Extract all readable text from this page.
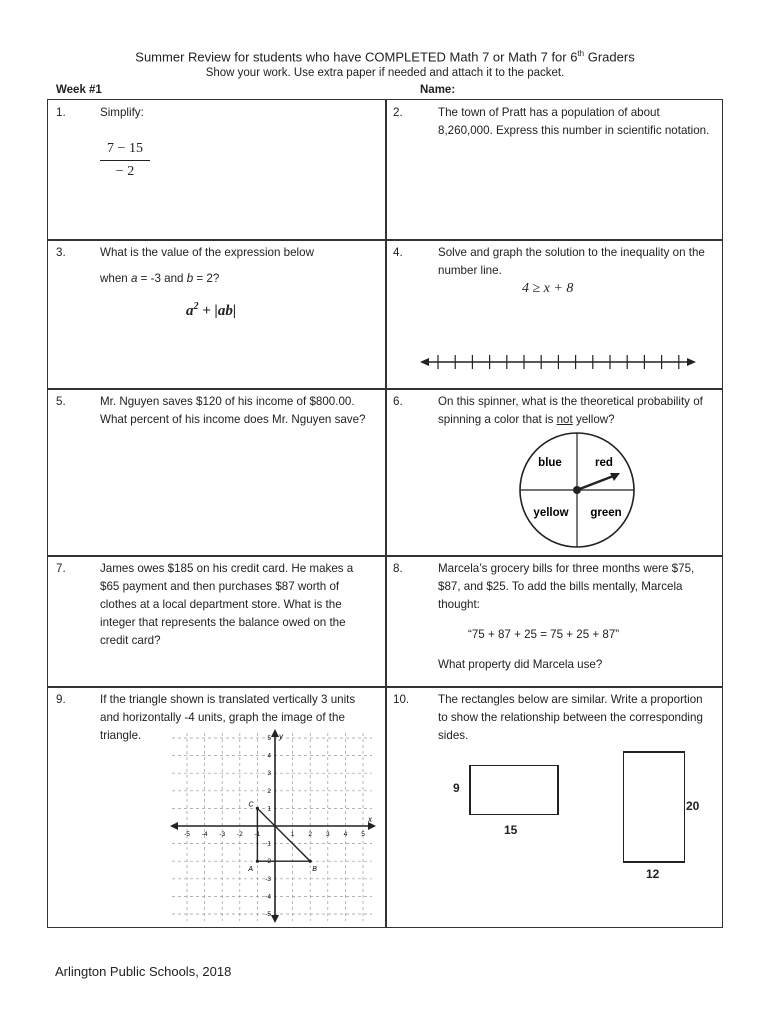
Summer Review for students who have COMPLETED Math 7 or Math 7 for 6th Graders
Show your work. Use extra paper if needed and attach it to the packet.
Week #1	Name:
1.	Simplify:
7 − 15
− 2
2.	The town of Pratt has a population of about 8,260,000. Express this number in scientific notation.
3.	What is the value of the expression below
when a = -3 and b = 2?
$a^2 + |ab|$
4.	Solve and graph the solution to the inequality on the number line.
4 ≥ x + 8
5.	Mr. Nguyen saves $120 of his income of $800.00. What percent of his income does Mr. Nguyen save?
6.	On this spinner, what is the theoretical probability of spinning a color that is not yellow?
blue	red
yellow green
7.	James owes $185 on his credit card. He makes a $65 payment and then purchases $87 worth of clothes at a local department store. What is the integer that represents the balance owed on the credit card?
8.	Marcela’s grocery bills for three months were $75, $87, and $25. To add the bills mentally, Marcela thought:
“75 + 87 + 25 = 75 + 25 + 87”
What property did Marcela use?
9.	If the triangle shown is translated vertically 3 units and horizontally -4 units, graph the image of the triangle.
-5 -4 -3 -2 -1	1 2 3 4 5
5
4
3
2
1
-1
-2
-3
-4
-5
x
y
C
A	B
10. The rectangles below are similar. Write a proportion to show the relationship between the corresponding sides.
9
15
20
12
Arlington Public Schools, 2018
